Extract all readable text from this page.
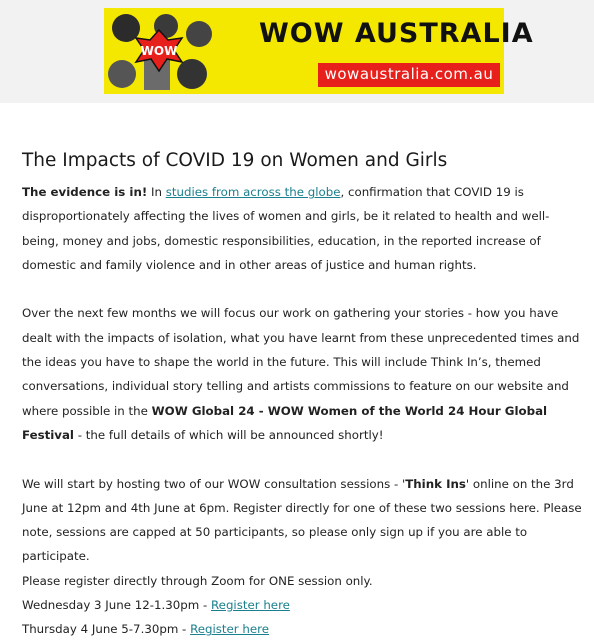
WOW
WOW AUSTRALIA
wowaustralia.com.au
The Impacts of COVID 19 on Women and Girls

The evidence is in! In studies from across the globe, confirmation that COVID 19 is disproportionately affecting the lives of women and girls, be it related to health and well-being, money and jobs, domestic responsibilities, education, in the reported increase of domestic and family violence and in other areas of justice and human rights.

Over the next few months we will focus our work on gathering your stories - how you have dealt with the impacts of isolation, what you have learnt from these unprecedented times and the ideas you have to shape the world in the future. This will include Think In’s, themed conversations, individual story telling and artists commissions to feature on our website and where possible in the WOW Global 24 - WOW Women of the World 24 Hour Global Festival - the full details of which will be announced shortly!

We will start by hosting two of our WOW consultation sessions - 'Think Ins' online on the 3rd June at 12pm and 4th June at 6pm. Register directly for one of these two sessions here. Please note, sessions are capped at 50 participants, so please only sign up if you are able to participate.

Please register directly through Zoom for ONE session only.

Wednesday 3 June 12-1.30pm - Register here

Thursday 4 June 5-7.30pm - Register here
